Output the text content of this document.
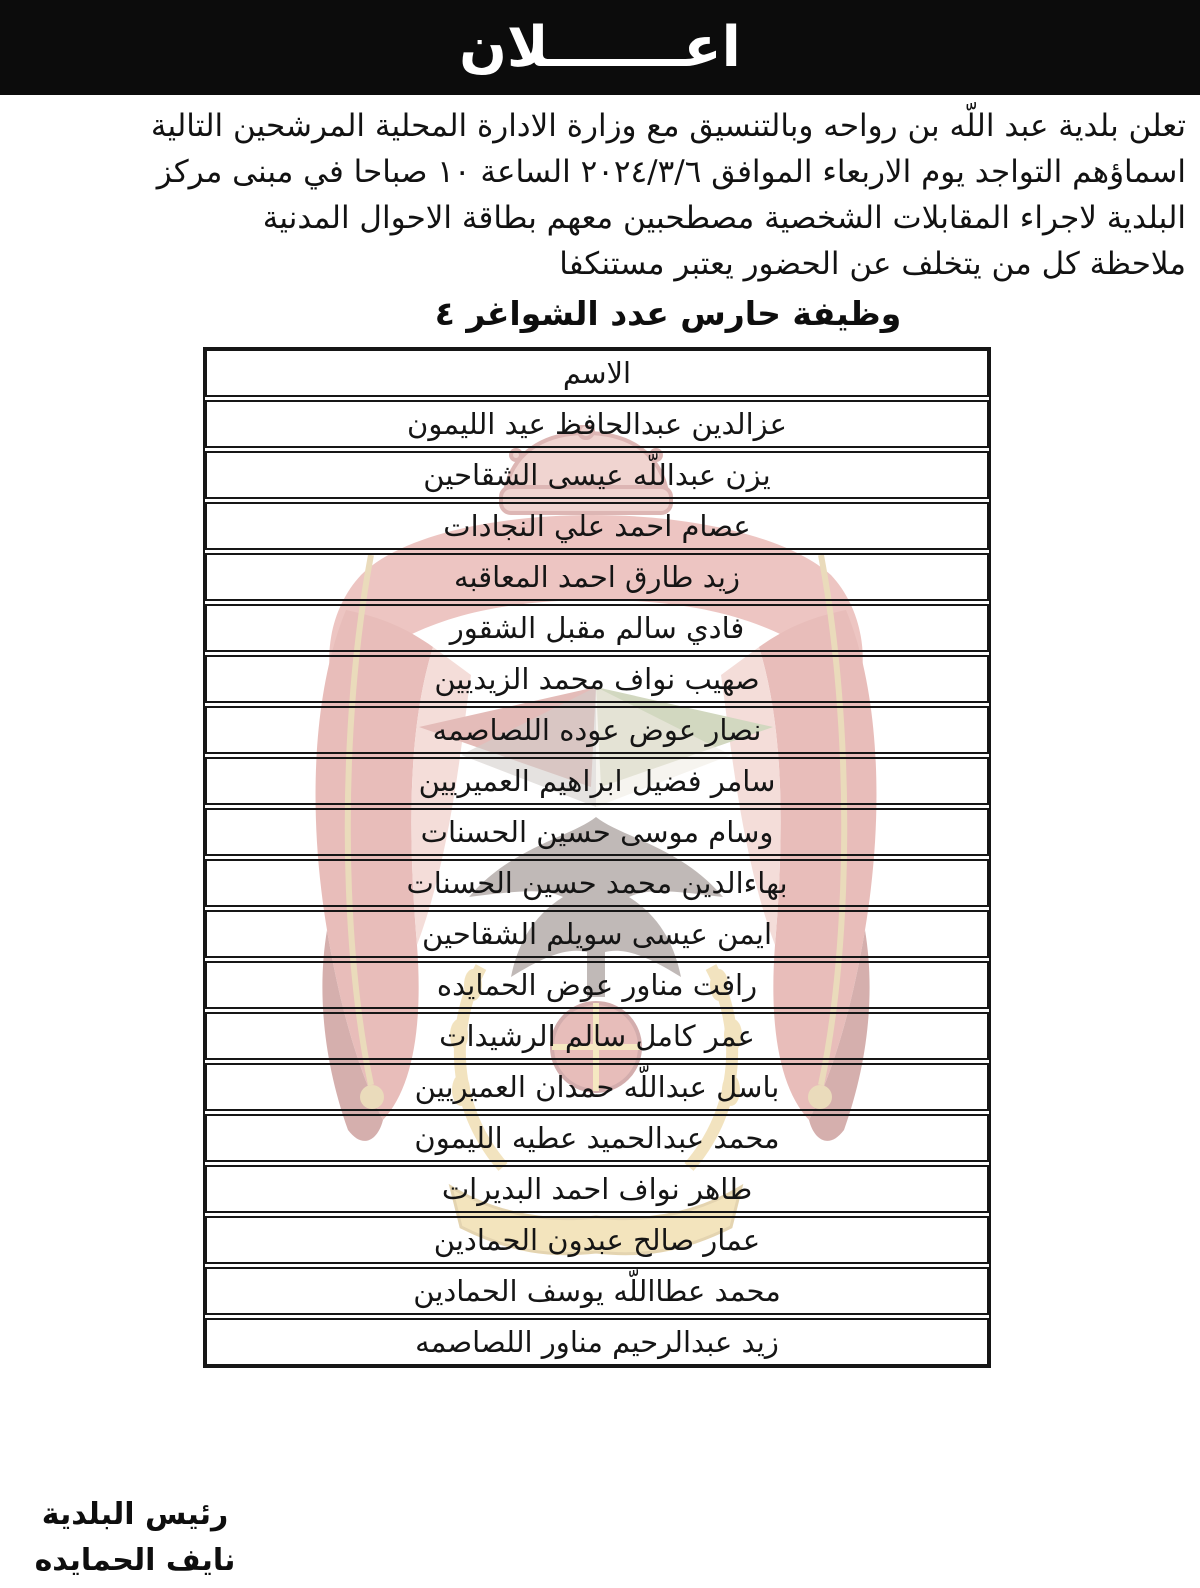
اعـــــــلان

تعلن بلدية عبد اللّه بن رواحه وبالتنسيق مع وزارة الادارة المحلية المرشحين التالية

اسماؤهم التواجد يوم الاربعاء الموافق ٢٠٢٤/٣/٦ الساعة ١٠ صباحا في مبنى مركز

البلدية لاجراء المقابلات الشخصية مصطحبين معهم بطاقة الاحوال المدنية

ملاحظة كل من يتخلف عن الحضور يعتبر مستنكفا

وظيفة حارس عدد الشواغر ٤
الاسم
عزالدين عبدالحافظ عيد الليمون
يزن عبداللّه عيسى الشقاحين
عصام احمد علي النجادات
زيد طارق احمد المعاقبه
فادي سالم مقبل الشقور
صهيب نواف محمد الزيديين
نصار عوض عوده اللصاصمه
سامر فضيل ابراهيم العميريين
وسام موسى حسين الحسنات
بهاءالدين محمد حسين الحسنات
ايمن عيسى سويلم الشقاحين
رافت مناور عوض الحمايده
عمر كامل سالم الرشيدات
باسل عبداللّه حمدان العميريين
محمد عبدالحميد عطيه الليمون
طاهر نواف احمد البديرات
عمار صالح عبدون الحمادين
محمد عطااللّه يوسف الحمادين
زيد عبدالرحيم مناور اللصاصمه
رئيس البلدية
نايف الحمايده
